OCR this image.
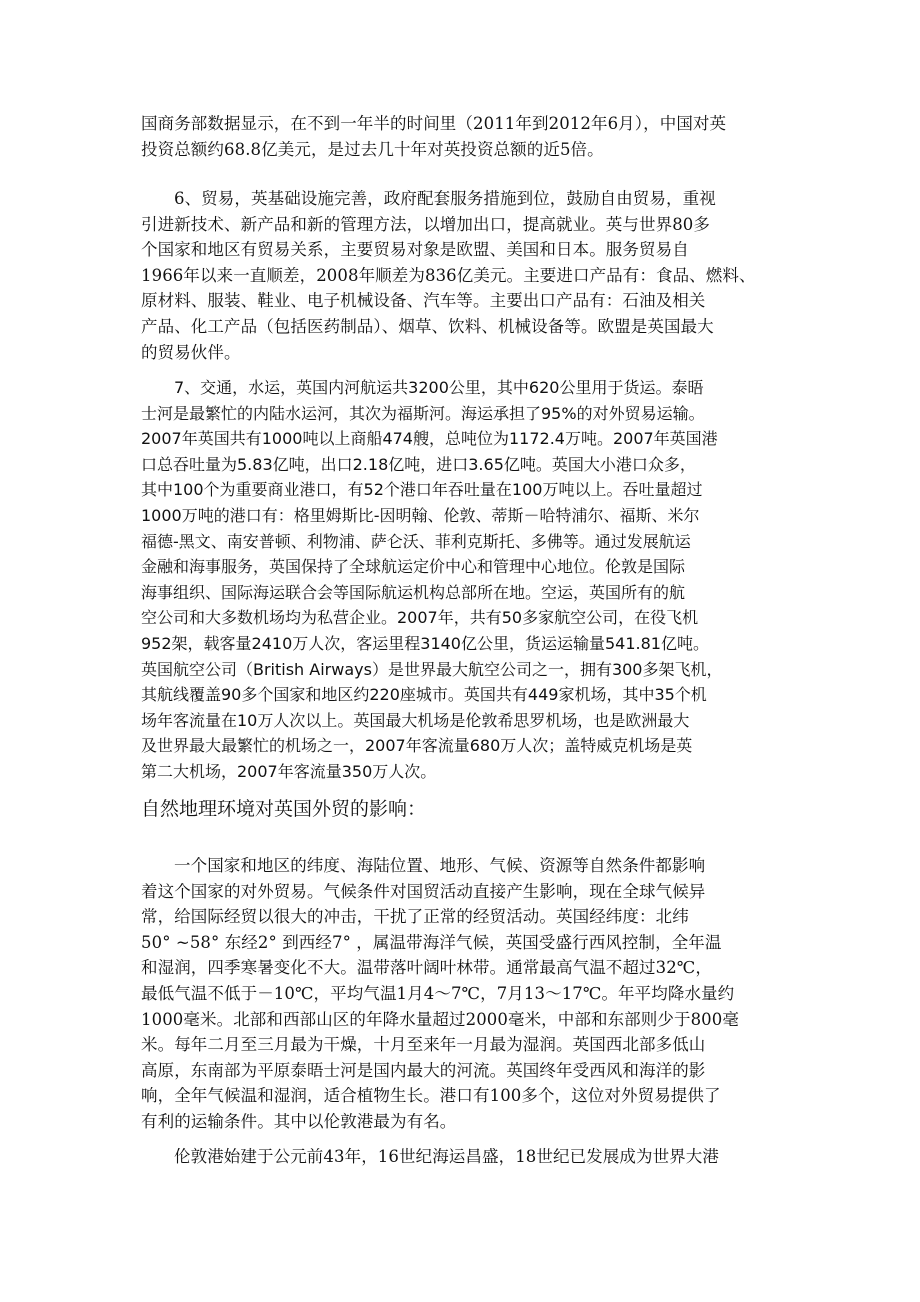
国商务部数据显示，在不到一年半的时间里（2011年到2012年6月），中国对英
投资总额约68.8亿美元，是过去几十年对英投资总额的近5倍。
6、贸易，英基础设施完善，政府配套服务措施到位，鼓励自由贸易，重视
引进新技术、新产品和新的管理方法，以增加出口，提高就业。英与世界80多
个国家和地区有贸易关系，主要贸易对象是欧盟、美国和日本。服务贸易自
1966年以来一直顺差，2008年顺差为836亿美元。主要进口产品有：食品、燃料、
原材料、服装、鞋业、电子机械设备、汽车等。主要出口产品有：石油及相关
产品、化工产品（包括医药制品）、烟草、饮料、机械设备等。欧盟是英国最大
的贸易伙伴。
7、交通，水运，英国内河航运共3200公里，其中620公里用于货运。泰晤
士河是最繁忙的内陆水运河，其次为福斯河。海运承担了95%的对外贸易运输。
2007年英国共有1000吨以上商船474艘，总吨位为1172.4万吨。2007年英国港
口总吞吐量为5.83亿吨，出口2.18亿吨，进口3.65亿吨。英国大小港口众多，
其中100个为重要商业港口，有52个港口年吞吐量在100万吨以上。吞吐量超过
1000万吨的港口有：格里姆斯比-因明翰、伦敦、蒂斯－哈特浦尔、福斯、米尔
福德-黑文、南安普顿、利物浦、萨仑沃、菲利克斯托、多佛等。通过发展航运
金融和海事服务，英国保持了全球航运定价中心和管理中心地位。伦敦是国际
海事组织、国际海运联合会等国际航运机构总部所在地。空运，英国所有的航
空公司和大多数机场均为私营企业。2007年，共有50多家航空公司，在役飞机
952架，载客量2410万人次，客运里程3140亿公里，货运运输量541.81亿吨。
英国航空公司（British Airways）是世界最大航空公司之一，拥有300多架飞机，
其航线覆盖90多个国家和地区约220座城市。英国共有449家机场，其中35个机
场年客流量在10万人次以上。英国最大机场是伦敦希思罗机场，也是欧洲最大
及世界最大最繁忙的机场之一，2007年客流量680万人次；盖特威克机场是英
第二大机场，2007年客流量350万人次。
自然地理环境对英国外贸的影响：
一个国家和地区的纬度、海陆位置、地形、气候、资源等自然条件都影响
着这个国家的对外贸易。气候条件对国贸活动直接产生影响，现在全球气候异
常，给国际经贸以很大的冲击，干扰了正常的经贸活动。英国经纬度：北纬
50° ~58° 东经2° 到西经7° ，属温带海洋气候，英国受盛行西风控制，全年温
和湿润，四季寒暑变化不大。温带落叶阔叶林带。通常最高气温不超过32℃，
最低气温不低于－10℃，平均气温1月4～7℃，7月13～17℃。年平均降水量约
1000毫米。北部和西部山区的年降水量超过2000毫米，中部和东部则少于800毫
米。每年二月至三月最为干燥，十月至来年一月最为湿润。英国西北部多低山
高原，东南部为平原泰晤士河是国内最大的河流。英国终年受西风和海洋的影
响，全年气候温和湿润，适合植物生长。港口有100多个，这位对外贸易提供了
有利的运输条件。其中以伦敦港最为有名。
伦敦港始建于公元前43年，16世纪海运昌盛，18世纪已发展成为世界大港
